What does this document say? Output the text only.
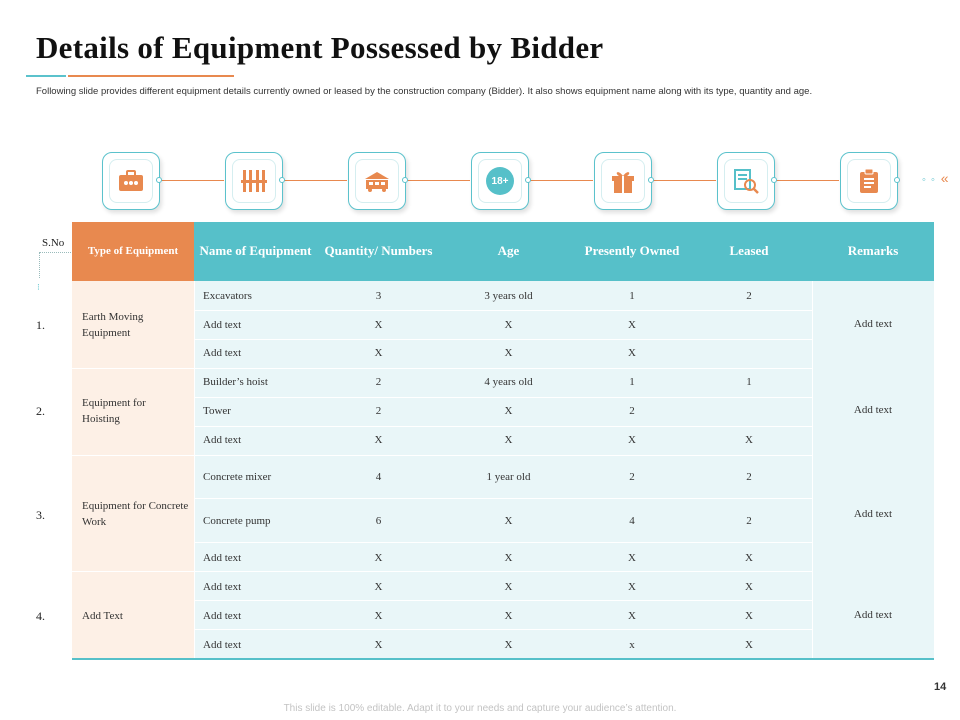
Details of Equipment Possessed by Bidder
Following slide provides different equipment details currently owned or leased by the construction company (Bidder). It also shows equipment name along with its type, quantity and age.
18+	◦ ◦ «
S.No
⁝
1.
2.
3.
4.
Type of Equipment	Name of Equipment	Quantity/ Numbers	Age	Presently Owned	Leased	Remarks
Earth Moving Equipment
Equipment for Hoisting
Equipment for Concrete Work
Add Text
Add text
Add text
Add text
Add text
Excavators	3	3 years old	1	2
Add text	X	X	X
Add text	X	X	X
Builder’s hoist	2	4 years old	1	1
Tower	2	X	2
Add text	X	X	X	X
Concrete mixer	4	1 year old	2	2
Concrete pump	6	X	4	2
Add text	X	X	X	X
Add text	X	X	X	X
Add text	X	X	X	X
Add text	X	X	x	X
14
This slide is 100% editable. Adapt it to your needs and capture your audience’s attention.
